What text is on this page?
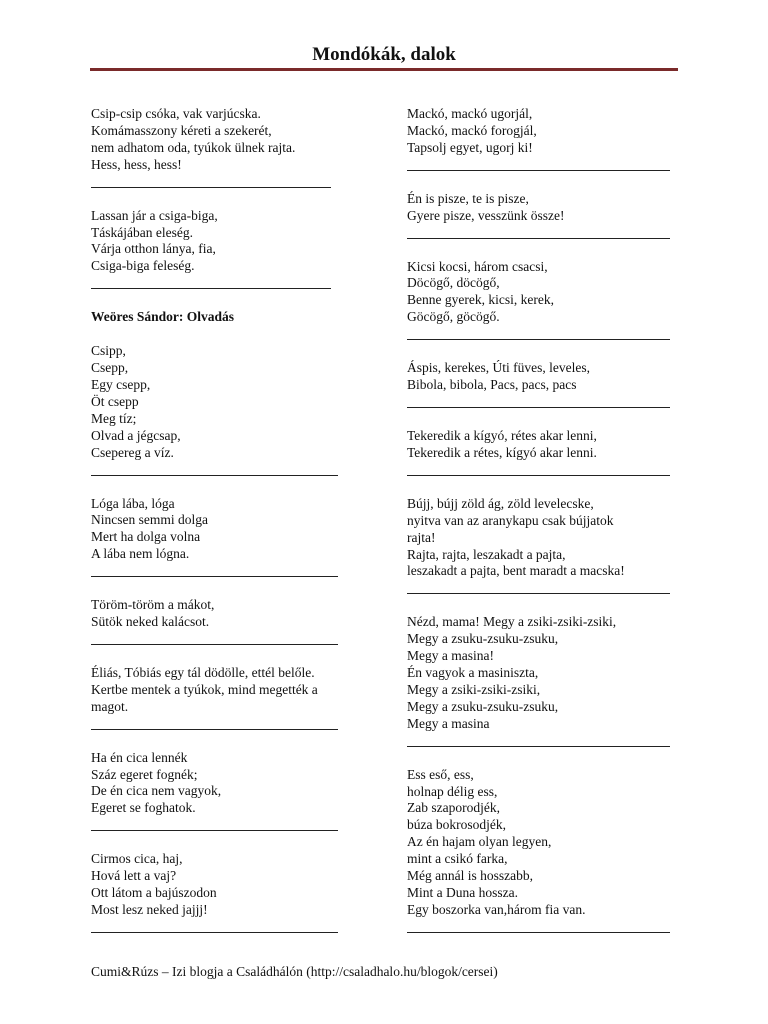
Mondókák, dalok
Csip-csip csóka, vak varjúcska.
Komámasszony kéreti a szekerét,
nem adhatom oda, tyúkok ülnek rajta.
Hess, hess, hess!
Lassan jár a csiga-biga,
Táskájában eleség.
Várja otthon lánya, fia,
Csiga-biga feleség.
Weöres Sándor: Olvadás
Csipp,
Csepp,
Egy csepp,
Öt csepp
Meg tíz;
Olvad a jégcsap,
Csepereg a víz.
Lóga lába, lóga
Nincsen semmi dolga
Mert ha dolga volna
A lába nem lógna.
Töröm-töröm a mákot,
Sütök neked kalácsot.
Éliás, Tóbiás egy tál dödölle, ettél belőle.
Kertbe mentek a tyúkok, mind megették a
magot.
Ha én cica lennék
Száz egeret fognék;
De én cica nem vagyok,
Egeret se foghatok.
Cirmos cica, haj,
Hová lett a vaj?
Ott látom a bajúszodon
Most lesz neked jajjj!
Mackó, mackó ugorjál,
Mackó, mackó forogjál,
Tapsolj egyet, ugorj ki!
Én is pisze, te is pisze,
Gyere pisze, vesszünk össze!
Kicsi kocsi, három csacsi,
Döcögő, döcögő,
Benne gyerek, kicsi, kerek,
Göcögő, göcögő.
Áspis, kerekes, Úti füves, leveles,
Bibola, bibola, Pacs, pacs, pacs
Tekeredik a kígyó, rétes akar lenni,
Tekeredik a rétes, kígyó akar lenni.
Bújj, bújj zöld ág, zöld levelecske,
nyitva van az aranykapu csak bújjatok
rajta!
Rajta, rajta, leszakadt a pajta,
leszakadt a pajta, bent maradt a macska!
Nézd, mama! Megy a zsiki-zsiki-zsiki,
Megy a zsuku-zsuku-zsuku,
Megy a masina!
Én vagyok a masiniszta,
Megy a zsiki-zsiki-zsiki,
Megy a zsuku-zsuku-zsuku,
Megy a masina
Ess eső, ess,
holnap délig ess,
Zab szaporodjék,
búza bokrosodjék,
Az én hajam olyan legyen,
mint a csikó farka,
Még annál is hosszabb,
Mint a Duna hossza.
Egy boszorka van,három fia van.
Cumi&Rúzs – Izi blogja a Családhálón (http://csaladhalo.hu/blogok/cersei)
